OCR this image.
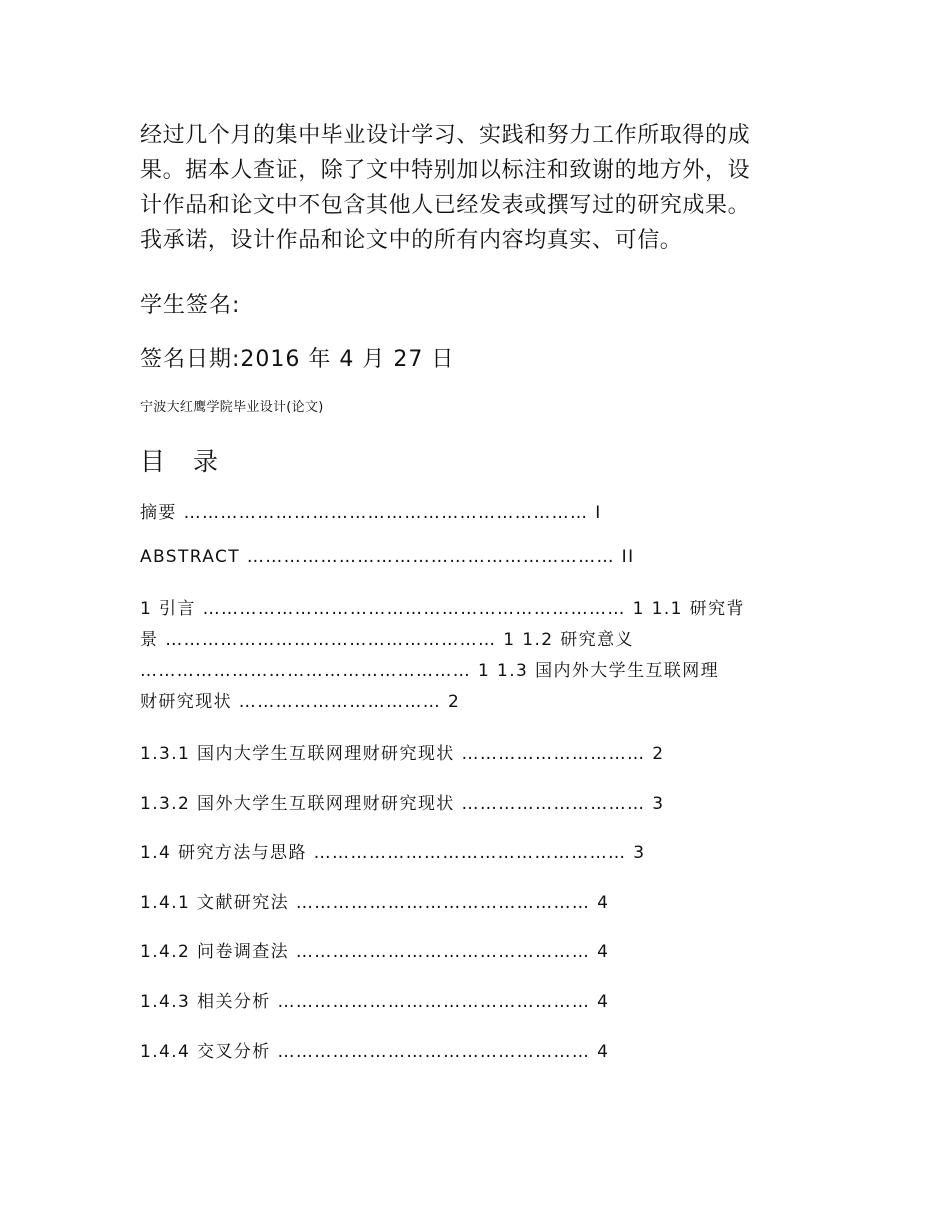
经过几个月的集中毕业设计学习、实践和努力工作所取得的成
果。据本人查证，除了文中特别加以标注和致谢的地方外，设
计作品和论文中不包含其他人已经发表或撰写过的研究成果。
我承诺，设计作品和论文中的所有内容均真实、可信。
学生签名:
签名日期:2016 年 4 月 27 日
宁波大红鹰学院毕业设计(论文)
目 录
摘要 ………………………………………………………… I
ABSTRACT …………………………………………………… II
1 引言 …………………………………………………………… 1 1.1 研究背
景 ……………………………………………… 1 1.2 研究意义
……………………………………………… 1 1.3 国内外大学生互联网理
财研究现状 …………………………… 2
1.3.1 国内大学生互联网理财研究现状 ………………………… 2
1.3.2 国外大学生互联网理财研究现状 ………………………… 3
1.4 研究方法与思路 …………………………………………… 3
1.4.1 文献研究法 ………………………………………… 4
1.4.2 问卷调查法 ………………………………………… 4
1.4.3 相关分析 …………………………………………… 4
1.4.4 交叉分析 …………………………………………… 4
